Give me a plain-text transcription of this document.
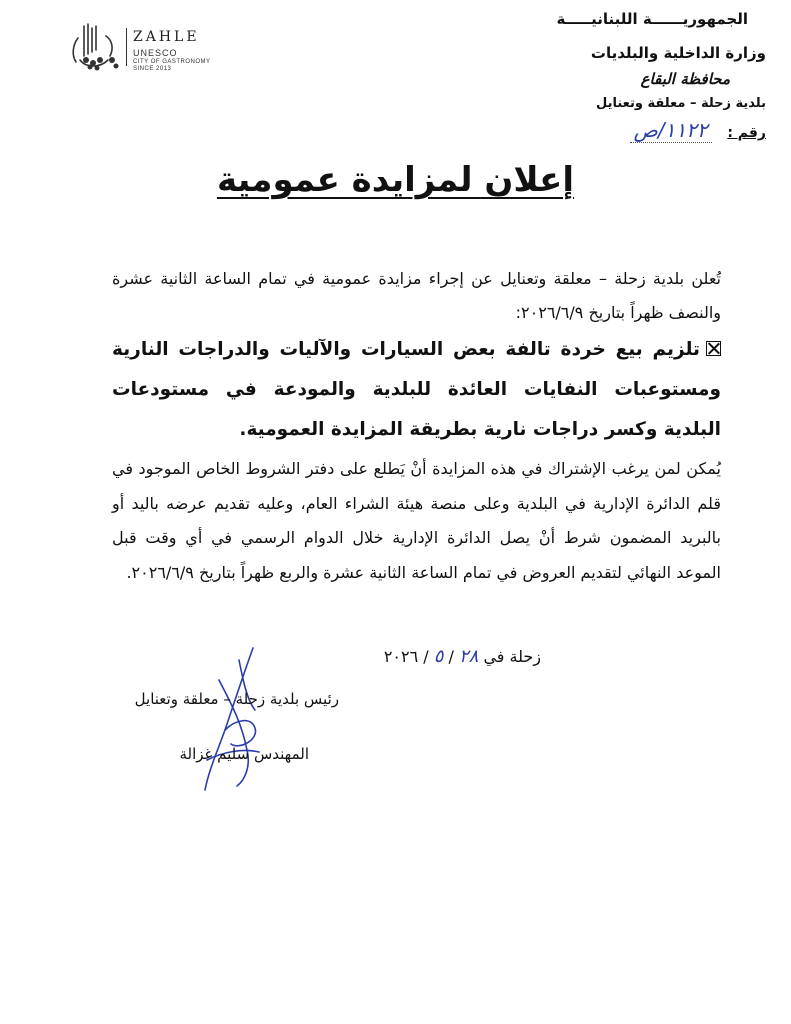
ZAHLE
UNESCO
CITY OF GASTRONOMY
SINCE 2013
الجمهوريــــــة اللبنانيـــــة
وزارة الداخلية والبلديات
محافظة البقاع
بلدية زحلة – معلقة وتعنايل
رقم :  ١١٢٢/ص
إعلان لمزايدة عمومية
تُعلن بلدية زحلة – معلقة وتعنايل عن إجراء مزايدة عمومية في تمام الساعة الثانية عشرة والنصف ظهراً بتاريخ ٢٠٢٦/٦/٩:
تلزيم بيع خردة تالفة بعض السيارات والآليات والدراجات النارية ومستوعبات النفايات العائدة للبلدية والمودعة في مستودعات البلدية وكسر دراجات نارية بطريقة المزايدة العمومية.
يُمكن لمن يرغب الإشتراك في هذه المزايدة أنْ يَطلع على دفتر الشروط الخاص الموجود في قلم الدائرة الإدارية في البلدية وعلى منصة هيئة الشراء العام، وعليه تقديم عرضه باليد أو بالبريد المضمون شرط أنْ يصل الدائرة الإدارية خلال الدوام الرسمي في أي وقت قبل الموعد النهائي لتقديم العروض في تمام الساعة الثانية عشرة والربع ظهراً بتاريخ ٢٠٢٦/٦/٩.
زحلة في ٢٨ / ٥ / ٢٠٢٦
رئيس بلدية زحلة – معلقة وتعنايل
المهندس سليم غزالة
